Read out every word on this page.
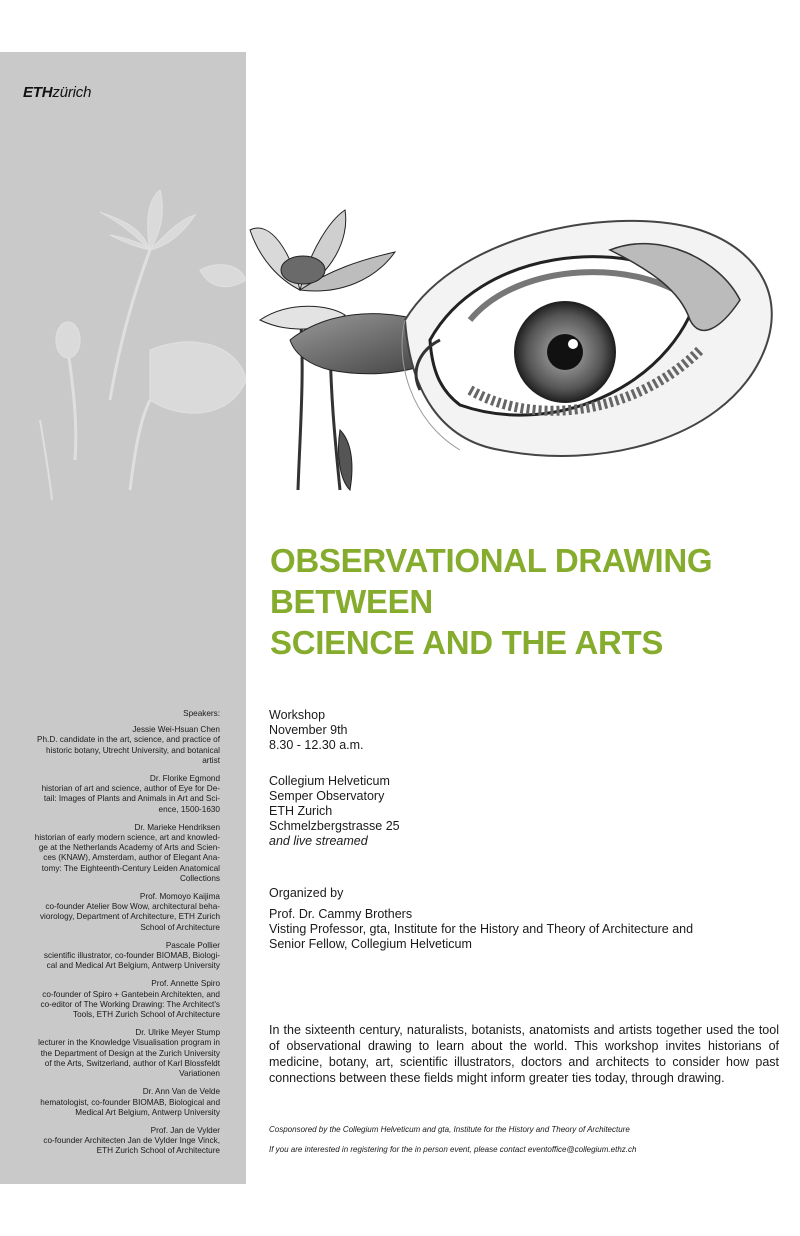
ETHzürich
OBSERVATIONAL DRAWING
BETWEEN
SCIENCE AND THE ARTS
Workshop
November 9th
8.30 - 12.30 a.m.
Collegium Helveticum
Semper Observatory
ETH Zurich
Schmelzbergstrasse 25
and live streamed
Organized by
Prof. Dr. Cammy Brothers
Visting Professor, gta, Institute for the History and Theory of Architecture and
Senior Fellow, Collegium Helveticum
Speakers:
Jessie Wei-Hsuan Chen
Ph.D. candidate in the art, science, and practice of
historic botany, Utrecht University, and botanical
artist
Dr. Florike Egmond
historian of art and science, author of Eye for De-
tail: Images of Plants and Animals in Art and Sci-
ence, 1500-1630
Dr. Marieke Hendriksen
historian of early modern science, art and knowled-
ge at the Netherlands Academy of Arts and Scien-
ces (KNAW), Amsterdam, author of Elegant Ana-
tomy: The Eighteenth-Century Leiden Anatomical
Collections
Prof. Momoyo Kaijima
co-founder Atelier Bow Wow, architectural beha-
viorology, Department of Architecture, ETH Zurich
School of Architecture
Pascale Pollier
scientific illustrator, co-founder BIOMAB, Biologi-
cal and Medical Art Belgium, Antwerp University
Prof. Annette Spiro
co-founder of Spiro + Gantebein Architekten, and
co-editor of The Working Drawing: The Architect's
Tools, ETH Zurich School of Architecture
Dr. Ulrike Meyer Stump
lecturer in the Knowledge Visualisation program in
the Department of Design at the Zurich University
of the Arts, Switzerland, author of Karl Blossfeldt
Variationen
Dr. Ann Van de Velde
hematologist, co-founder BIOMAB, Biological and
Medical Art Belgium, Antwerp University
Prof. Jan de Vylder
co-founder Architecten Jan de Vylder Inge Vinck,
ETH Zurich School of Architecture
In the sixteenth century, naturalists, botanists, anatomists and artists together used the tool of observational drawing to learn about the world. This workshop invites historians of medicine, botany, art, scientific illustrators, doctors and architects to consider how past connections between these fields might inform greater ties today, through drawing.
Cosponsored by the Collegium Helveticum and gta, Institute for the History and Theory of Architecture
If you are interested in registering for the in person event, please contact eventoffice@collegium.ethz.ch
